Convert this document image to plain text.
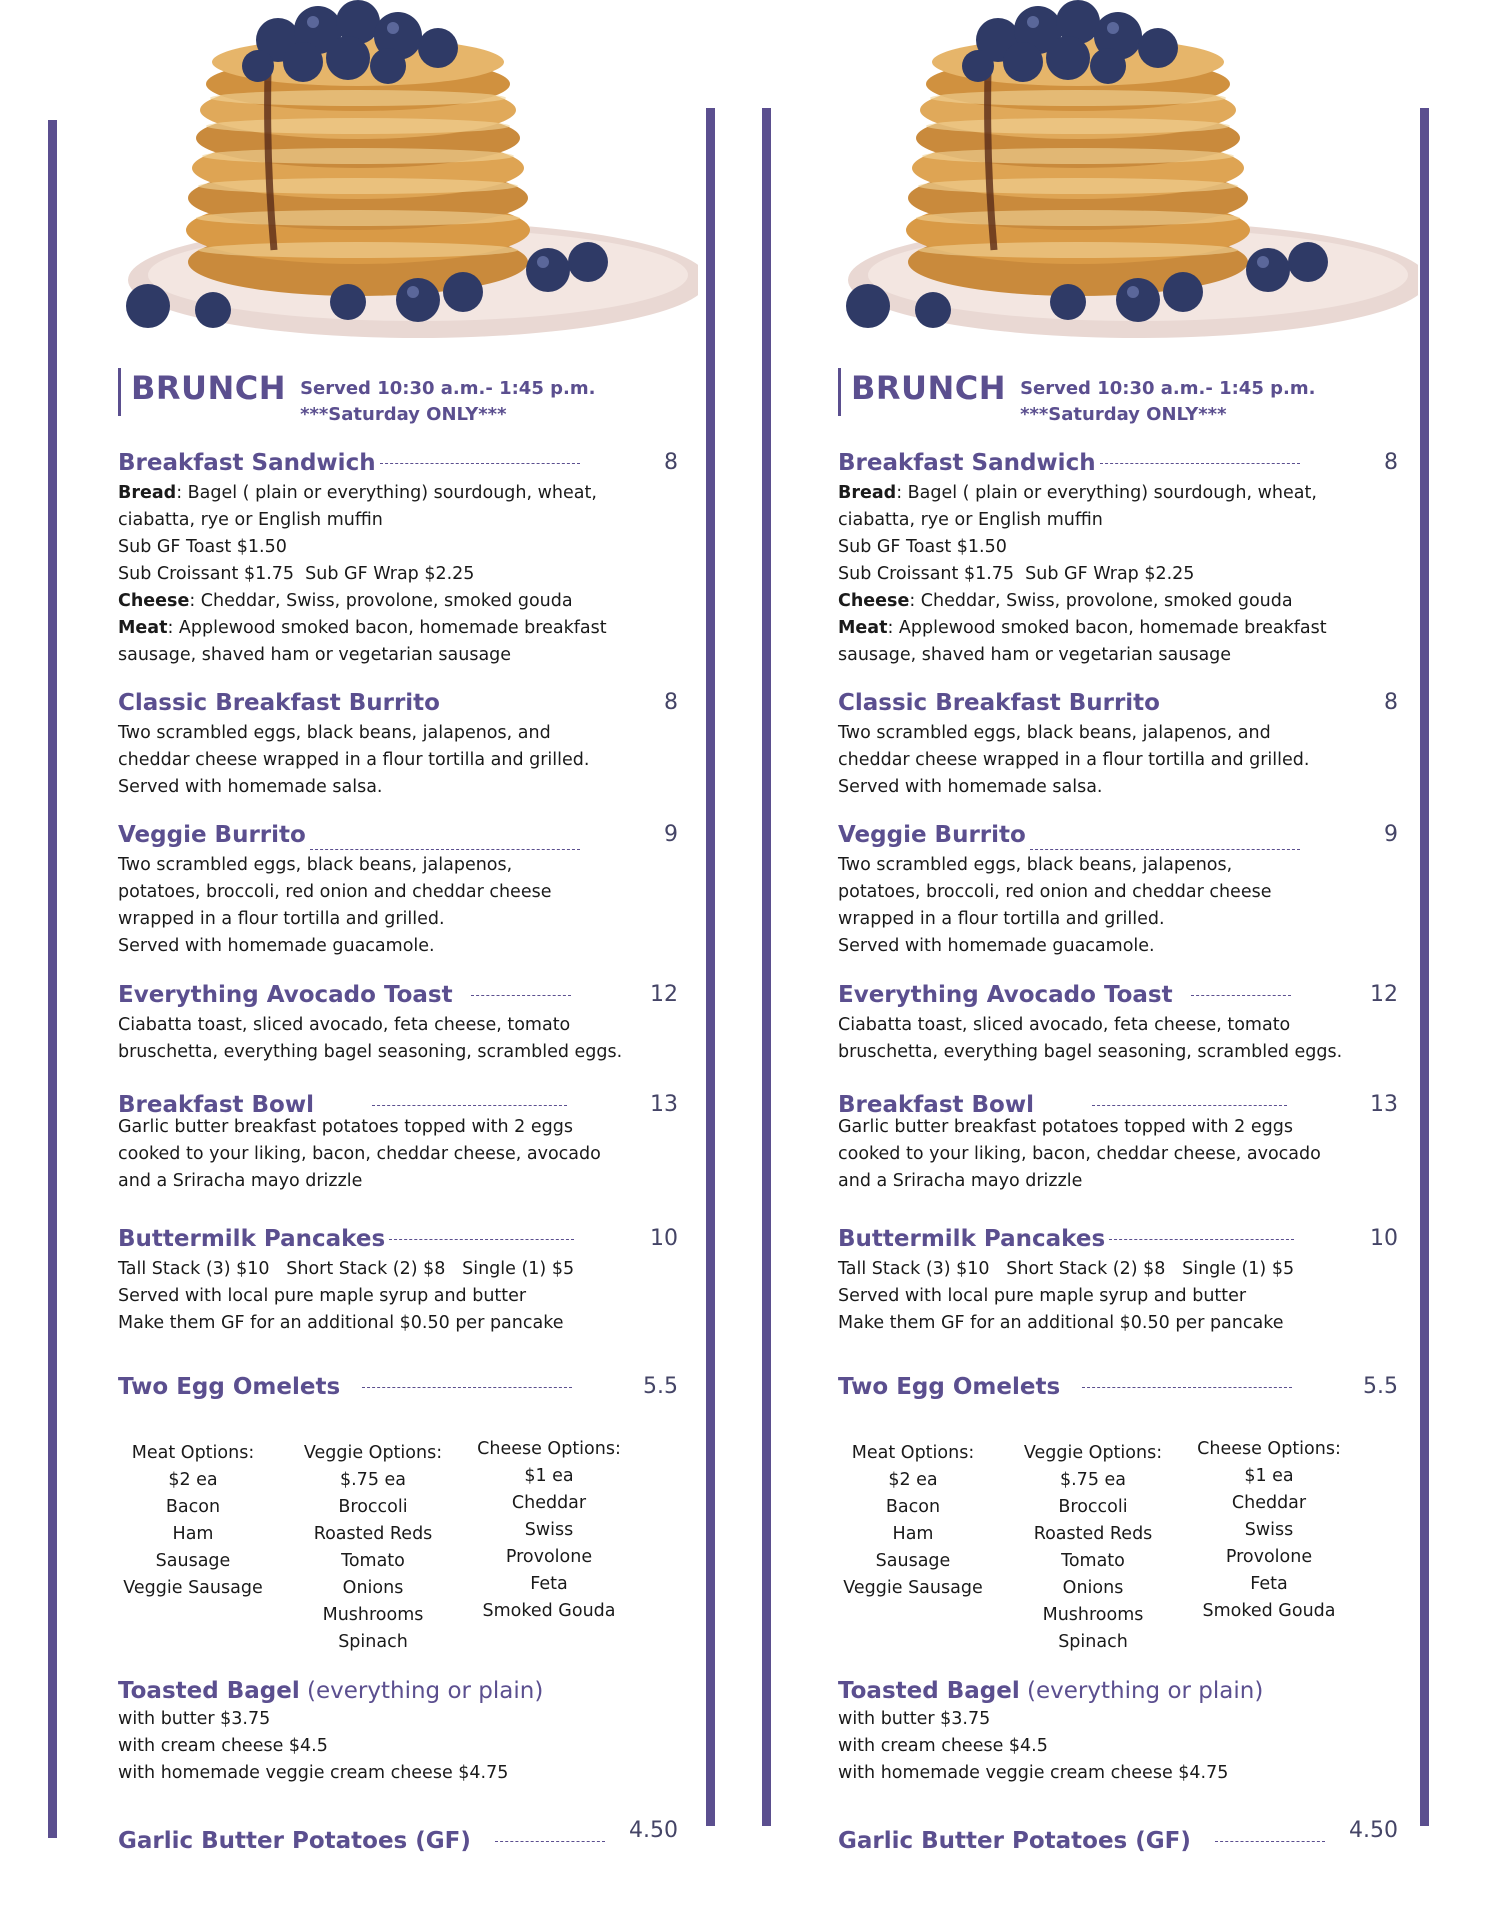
BRUNCH Served 10:30 a.m.- 1:45 p.m.
***Saturday ONLY***
Breakfast Sandwich	8
Bread: Bagel ( plain or everything) sourdough, wheat,
ciabatta, rye or English muffin
Sub GF Toast $1.50
Sub Croissant $1.75  Sub GF Wrap $2.25
Cheese: Cheddar, Swiss, provolone, smoked gouda
Meat: Applewood smoked bacon, homemade breakfast
sausage, shaved ham or vegetarian sausage
Classic Breakfast Burrito	8
Two scrambled eggs, black beans, jalapenos, and
cheddar cheese wrapped in a flour tortilla and grilled.
Served with homemade salsa.
Veggie Burrito	9
Two scrambled eggs, black beans, jalapenos,
potatoes, broccoli, red onion and cheddar cheese
wrapped in a flour tortilla and grilled.
Served with homemade guacamole.
Everything Avocado Toast	12
Ciabatta toast, sliced avocado, feta cheese, tomato
bruschetta, everything bagel seasoning, scrambled eggs.
Breakfast Bowl	13
Garlic butter breakfast potatoes topped with 2 eggs
cooked to your liking, bacon, cheddar cheese, avocado
and a Sriracha mayo drizzle
Buttermilk Pancakes	10
Tall Stack (3) $10   Short Stack (2) $8   Single (1) $5
Served with local pure maple syrup and butter
Make them GF for an additional $0.50 per pancake
Two Egg Omelets	5.5
Meat Options:
$2 ea
Bacon
Ham
Sausage
Veggie Sausage
Veggie Options:
$.75 ea
Broccoli
Roasted Reds
Tomato
Onions
Mushrooms
Spinach
Cheese Options:
$1 ea
Cheddar
Swiss
Provolone
Feta
Smoked Gouda
Toasted Bagel (everything or plain)
with butter $3.75
with cream cheese $4.5
with homemade veggie cream cheese $4.75
Garlic Butter Potatoes (GF)	4.50
BRUNCH Served 10:30 a.m.- 1:45 p.m.
***Saturday ONLY***
Breakfast Sandwich	8
Bread: Bagel ( plain or everything) sourdough, wheat,
ciabatta, rye or English muffin
Sub GF Toast $1.50
Sub Croissant $1.75  Sub GF Wrap $2.25
Cheese: Cheddar, Swiss, provolone, smoked gouda
Meat: Applewood smoked bacon, homemade breakfast
sausage, shaved ham or vegetarian sausage
Classic Breakfast Burrito	8
Two scrambled eggs, black beans, jalapenos, and
cheddar cheese wrapped in a flour tortilla and grilled.
Served with homemade salsa.
Veggie Burrito	9
Two scrambled eggs, black beans, jalapenos,
potatoes, broccoli, red onion and cheddar cheese
wrapped in a flour tortilla and grilled.
Served with homemade guacamole.
Everything Avocado Toast	12
Ciabatta toast, sliced avocado, feta cheese, tomato
bruschetta, everything bagel seasoning, scrambled eggs.
Breakfast Bowl	13
Garlic butter breakfast potatoes topped with 2 eggs
cooked to your liking, bacon, cheddar cheese, avocado
and a Sriracha mayo drizzle
Buttermilk Pancakes	10
Tall Stack (3) $10   Short Stack (2) $8   Single (1) $5
Served with local pure maple syrup and butter
Make them GF for an additional $0.50 per pancake
Two Egg Omelets	5.5
Meat Options:
$2 ea
Bacon
Ham
Sausage
Veggie Sausage
Veggie Options:
$.75 ea
Broccoli
Roasted Reds
Tomato
Onions
Mushrooms
Spinach
Cheese Options:
$1 ea
Cheddar
Swiss
Provolone
Feta
Smoked Gouda
Toasted Bagel (everything or plain)
with butter $3.75
with cream cheese $4.5
with homemade veggie cream cheese $4.75
Garlic Butter Potatoes (GF)	4.50
